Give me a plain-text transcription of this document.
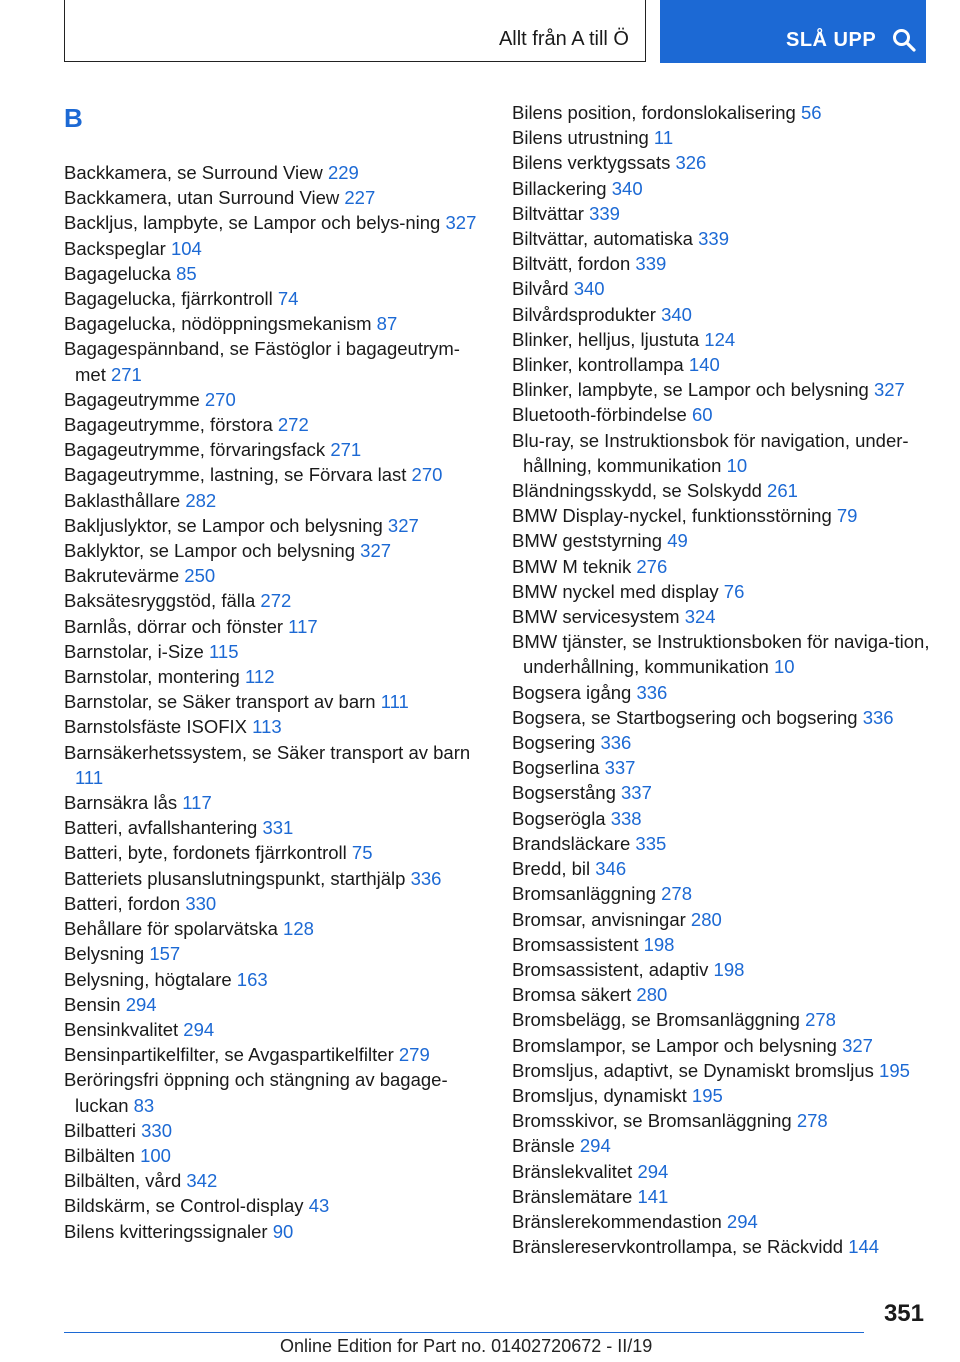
Allt från A till Ö	SLÅ UPP
B
Backkamera, se Surround View 229
Backkamera, utan Surround View 227
Backljus, lampbyte, se Lampor och belys-ning 327
Backspeglar 104
Bagagelucka 85
Bagagelucka, fjärrkontroll 74
Bagagelucka, nödöppningsmekanism 87
Bagagespännband, se Fästöglor i bagageutrym-met 271
Bagageutrymme 270
Bagageutrymme, förstora 272
Bagageutrymme, förvaringsfack 271
Bagageutrymme, lastning, se Förvara last 270
Baklasthållare 282
Bakljuslyktor, se Lampor och belysning 327
Baklyktor, se Lampor och belysning 327
Bakrutevärme 250
Baksätesryggstöd, fälla 272
Barnlås, dörrar och fönster 117
Barnstolar, i-Size 115
Barnstolar, montering 112
Barnstolar, se Säker transport av barn 111
Barnstolsfäste ISOFIX 113
Barnsäkerhetssystem, se Säker transport av barn 111
Barnsäkra lås 117
Batteri, avfallshantering 331
Batteri, byte, fordonets fjärrkontroll 75
Batteriets plusanslutningspunkt, starthjälp 336
Batteri, fordon 330
Behållare för spolarvätska 128
Belysning 157
Belysning, högtalare 163
Bensin 294
Bensinkvalitet 294
Bensinpartikelfilter, se Avgaspartikelfilter 279
Beröringsfri öppning och stängning av bagage-luckan 83
Bilbatteri 330
Bilbälten 100
Bilbälten, vård 342
Bildskärm, se Control-display 43
Bilens kvitteringssignaler 90
Bilens position, fordonslokalisering 56
Bilens utrustning 11
Bilens verktygssats 326
Billackering 340
Biltvättar 339
Biltvättar, automatiska 339
Biltvätt, fordon 339
Bilvård 340
Bilvårdsprodukter 340
Blinker, helljus, ljustuta 124
Blinker, kontrollampa 140
Blinker, lampbyte, se Lampor och belysning 327
Bluetooth-förbindelse 60
Blu-ray, se Instruktionsbok för navigation, under-hållning, kommunikation 10
Bländningsskydd, se Solskydd 261
BMW Display-nyckel, funktionsstörning 79
BMW geststyrning 49
BMW M teknik 276
BMW nyckel med display 76
BMW servicesystem 324
BMW tjänster, se Instruktionsboken för naviga-tion, underhållning, kommunikation 10
Bogsera igång 336
Bogsera, se Startbogsering och bogsering 336
Bogsering 336
Bogserlina 337
Bogserstång 337
Bogserögla 338
Brandsläckare 335
Bredd, bil 346
Bromsanläggning 278
Bromsar, anvisningar 280
Bromsassistent 198
Bromsassistent, adaptiv 198
Bromsa säkert 280
Bromsbelägg, se Bromsanläggning 278
Bromslampor, se Lampor och belysning 327
Bromsljus, adaptivt, se Dynamiskt bromsljus 195
Bromsljus, dynamiskt 195
Bromsskivor, se Bromsanläggning 278
Bränsle 294
Bränslekvalitet 294
Bränslemätare 141
Bränslerekommendastion 294
Bränslereservkontrollampa, se Räckvidd 144
351
Online Edition for Part no. 01402720672 - II/19
